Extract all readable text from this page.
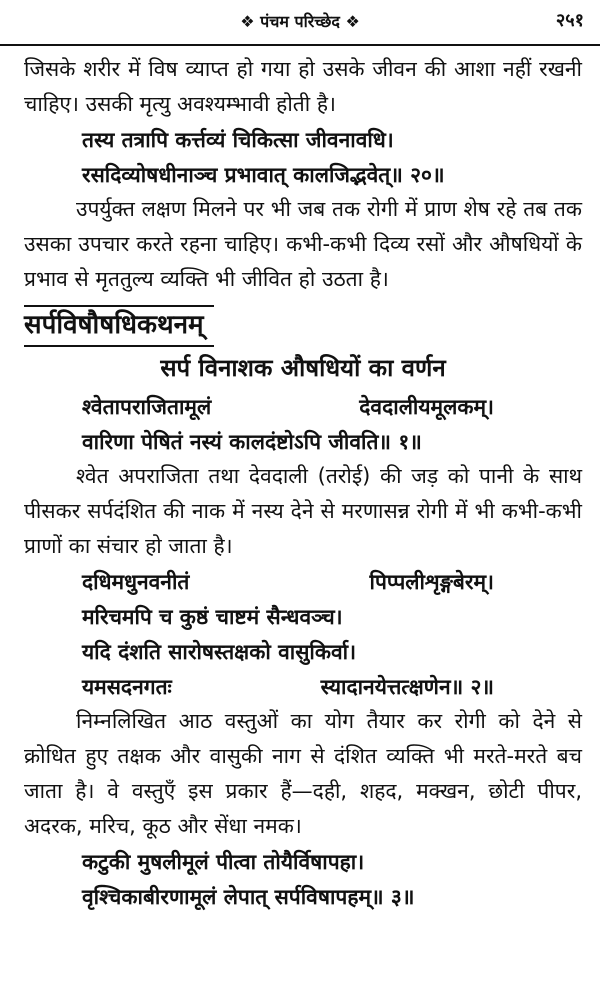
❖ पंचम परिच्छेद ❖	२५१

जिसके शरीर में विष व्याप्त हो गया हो उसके जीवन की आशा नहीं रखनी चाहिए। उसकी मृत्यु अवश्यम्भावी होती है।

तस्य तत्रापि कर्त्तव्यं चिकित्सा जीवनावधि।
रसदिव्योषधीनाञ्च प्रभावात् कालजिद्भवेत्॥ २०॥

उपर्युक्त लक्षण मिलने पर भी जब तक रोगी में प्राण शेष रहे तब तक उसका उपचार करते रहना चाहिए। कभी-कभी दिव्य रसों और औषधियों के प्रभाव से मृततुल्य व्यक्ति भी जीवित हो उठता है।

सर्पविषौषधिकथनम्
सर्प विनाशक औषधियों का वर्णन
श्वेतापराजितामूलं	देवदालीयमूलकम्।
वारिणा पेषितं नस्यं कालदंष्टोऽपि जीवति॥ १॥

श्वेत अपराजिता तथा देवदाली (तरोई) की जड़ को पानी के साथ पीसकर सर्पदंशित की नाक में नस्य देने से मरणासन्न रोगी में भी कभी-कभी प्राणों का संचार हो जाता है।

दधिमधुनवनीतं	पिप्पलीशृङ्गबेरम्।
मरिचमपि च कुष्ठं चाष्टमं सैन्धवञ्च।
यदि दंशति सारोषस्तक्षको वासुकिर्वा।
यमसदनगतः	स्यादानयेत्तत्क्षणेन॥ २॥

निम्नलिखित आठ वस्तुओं का योग तैयार कर रोगी को देने से क्रोधित हुए तक्षक और वासुकी नाग से दंशित व्यक्ति भी मरते-मरते बच जाता है। वे वस्तुएँ इस प्रकार हैं—दही, शहद, मक्खन, छोटी पीपर, अदरक, मरिच, कूठ और सेंधा नमक।

कटुकी मुषलीमूलं पीत्वा तोयैर्विषापहा।
वृश्चिकाबीरणामूलं लेपात् सर्पविषापहम्॥ ३॥
